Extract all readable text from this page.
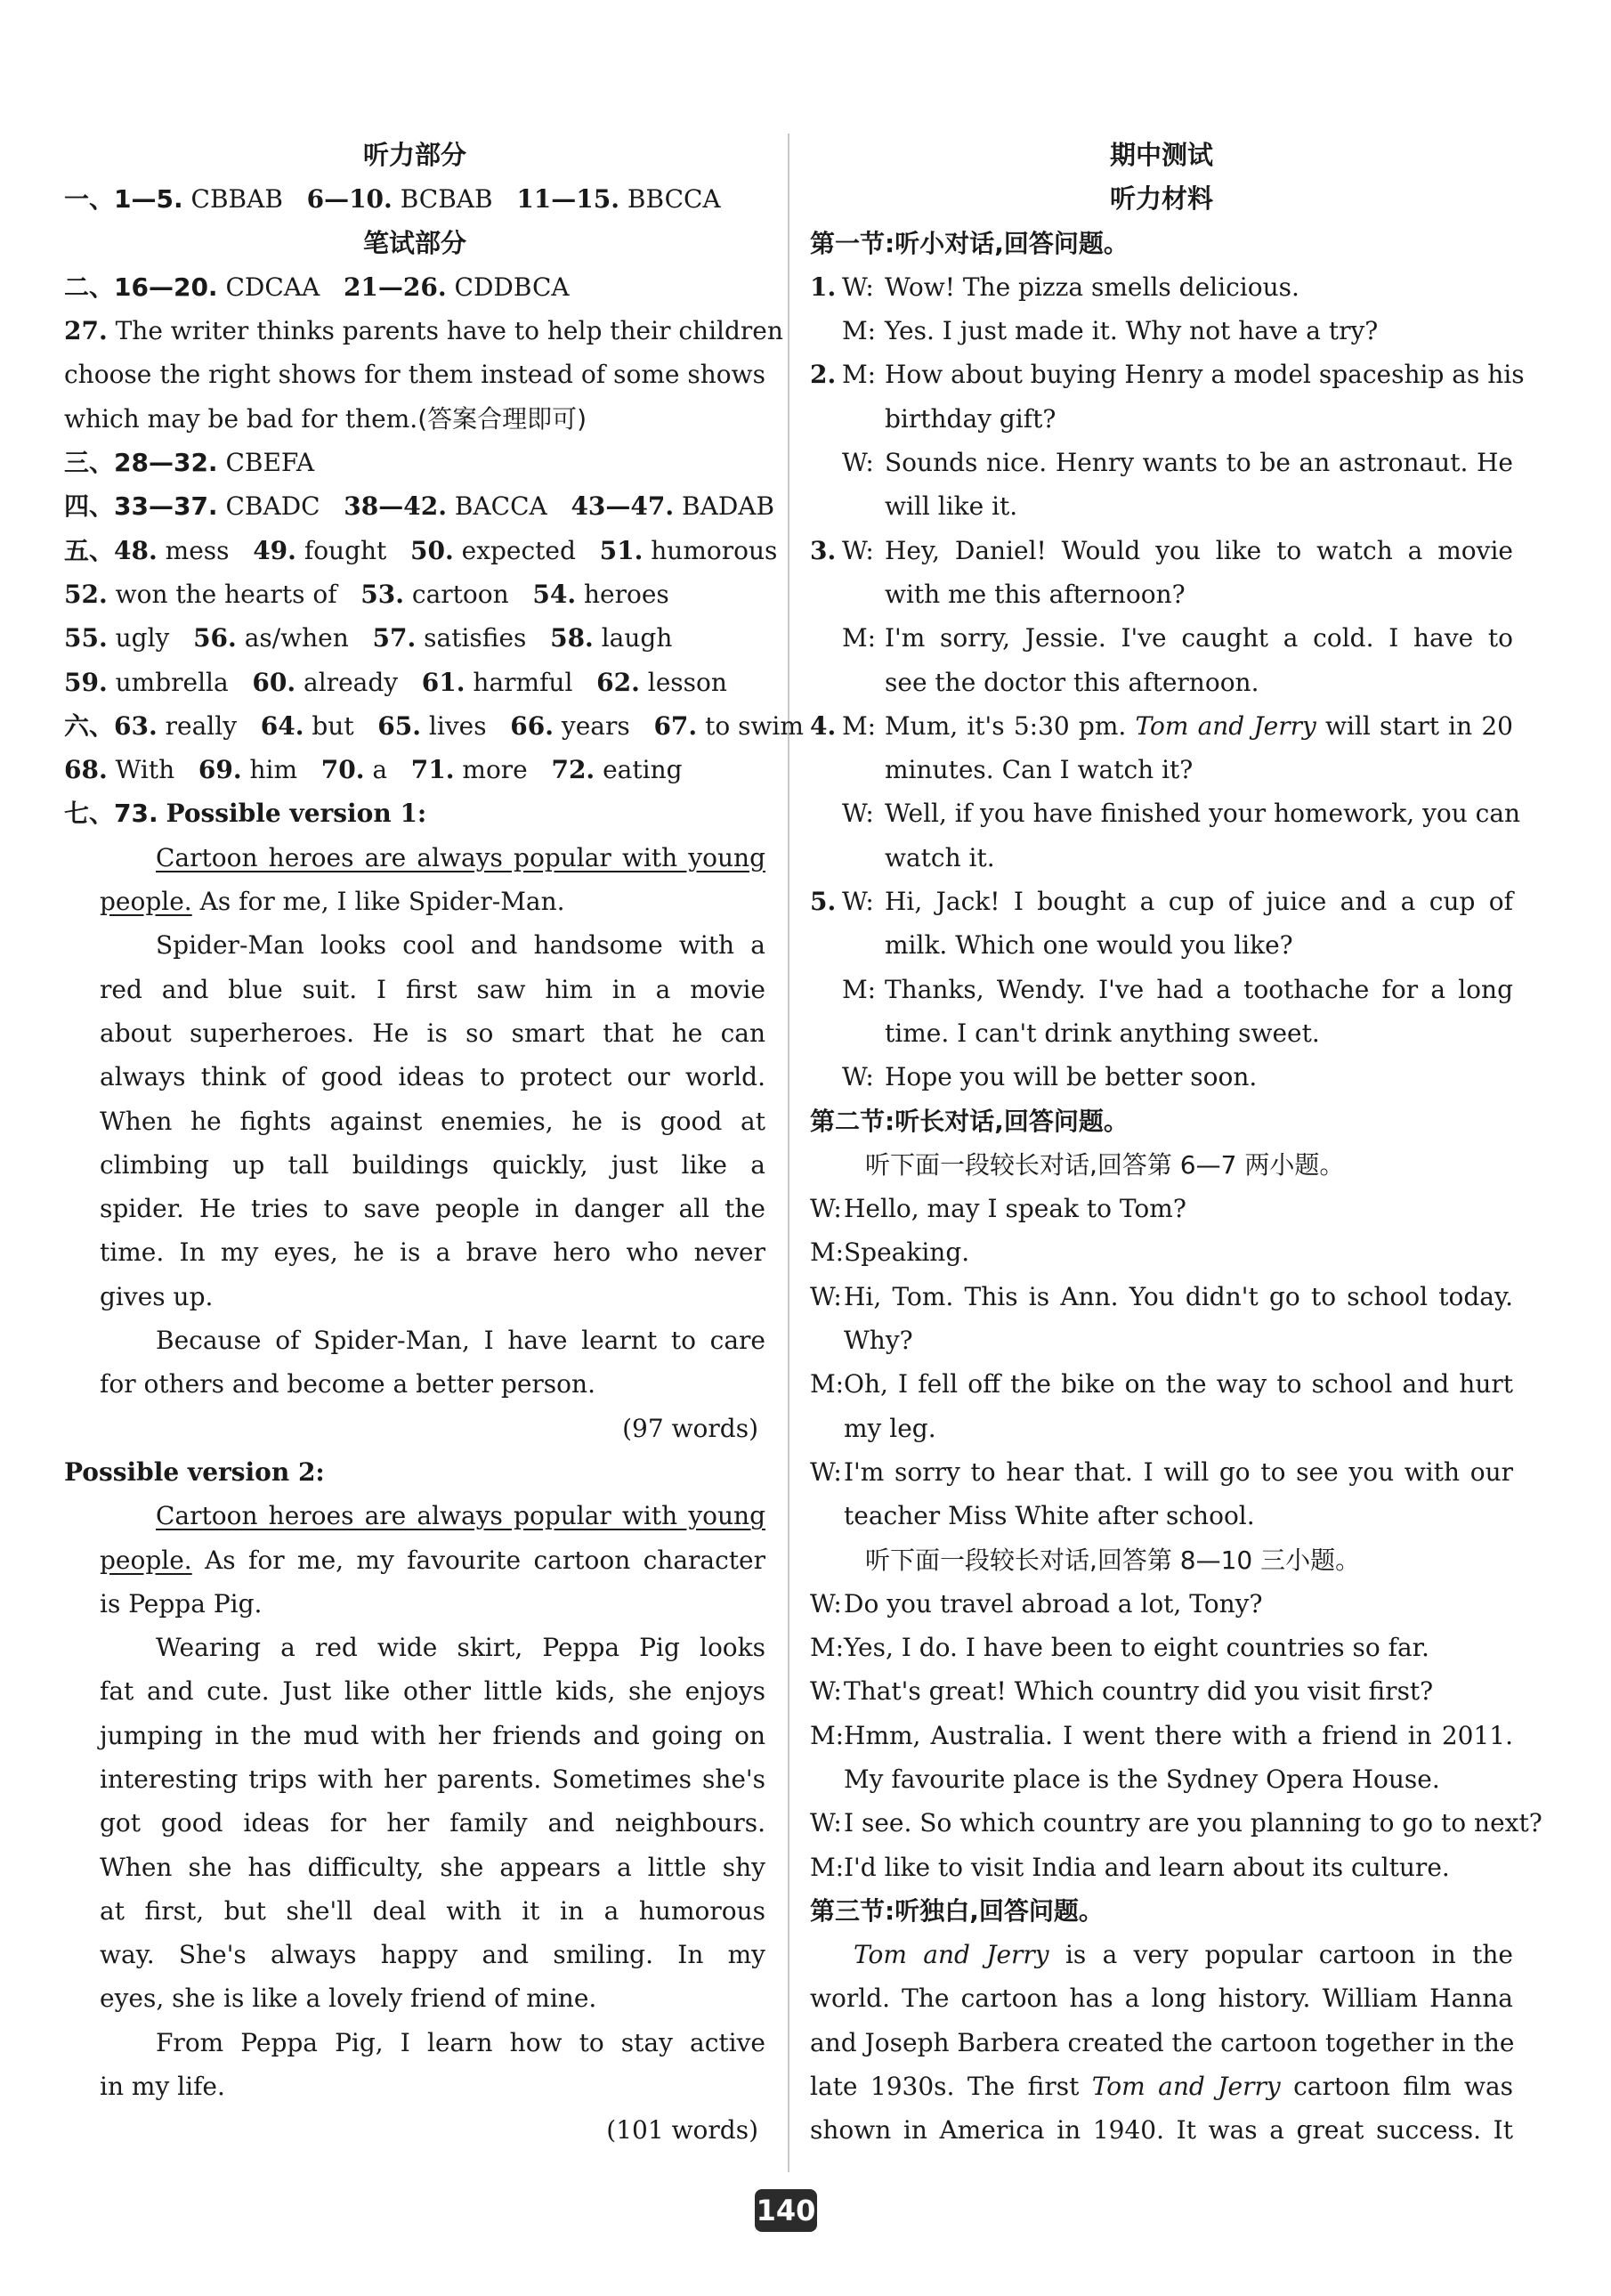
听力部分
一、1—5. CBBAB 6—10. BCBAB 11—15. BBCCA
笔试部分
二、16—20. CDCAA 21—26. CDDBCA
27. The writer thinks parents have to help their children
choose the right shows for them instead of some shows
which may be bad for them.(答案合理即可)
三、28—32. CBEFA
四、33—37. CBADC 38—42. BACCA 43—47. BADAB
五、48. mess 49. fought 50. expected 51. humorous
52. won the hearts of 53. cartoon 54. heroes
55. ugly 56. as/when 57. satisfies 58. laugh
59. umbrella 60. already 61. harmful 62. lesson
六、63. really 64. but 65. lives 66. years 67. to swim
68. With 69. him 70. a 71. more 72. eating
七、73. Possible version 1:
Cartoon heroes are always popular with young
people. As for me, I like Spider-Man.
Spider-Man looks cool and handsome with a
red and blue suit. I first saw him in a movie
about superheroes. He is so smart that he can
always think of good ideas to protect our world.
When he fights against enemies, he is good at
climbing up tall buildings quickly, just like a
spider. He tries to save people in danger all the
time. In my eyes, he is a brave hero who never
gives up.
Because of Spider-Man, I have learnt to care
for others and become a better person.
(97 words)
Possible version 2:
Cartoon heroes are always popular with young
people. As for me, my favourite cartoon character
is Peppa Pig.
Wearing a red wide skirt, Peppa Pig looks
fat and cute. Just like other little kids, she enjoys
jumping in the mud with her friends and going on
interesting trips with her parents. Sometimes she's
got good ideas for her family and neighbours.
When she has difficulty, she appears a little shy
at first, but she'll deal with it in a humorous
way. She's always happy and smiling. In my
eyes, she is like a lovely friend of mine.
From Peppa Pig, I learn how to stay active
in my life.
(101 words)
期中测试
听力材料
第一节:听小对话,回答问题。
1. W: Wow! The pizza smells delicious.
M: Yes. I just made it. Why not have a try?
2. M: How about buying Henry a model spaceship as his
birthday gift?
W: Sounds nice. Henry wants to be an astronaut. He
will like it.
3. W: Hey, Daniel! Would you like to watch a movie
with me this afternoon?
M: I'm sorry, Jessie. I've caught a cold. I have to
see the doctor this afternoon.
4. M: Mum, it's 5:30 pm. Tom and Jerry will start in 20
minutes. Can I watch it?
W: Well, if you have finished your homework, you can
watch it.
5. W: Hi, Jack! I bought a cup of juice and a cup of
milk. Which one would you like?
M: Thanks, Wendy. I've had a toothache for a long
time. I can't drink anything sweet.
W: Hope you will be better soon.
第二节:听长对话,回答问题。
听下面一段较长对话,回答第 6—7 两小题。
W: Hello, may I speak to Tom?
M: Speaking.
W: Hi, Tom. This is Ann. You didn't go to school today.
Why?
M: Oh, I fell off the bike on the way to school and hurt
my leg.
W: I'm sorry to hear that. I will go to see you with our
teacher Miss White after school.
听下面一段较长对话,回答第 8—10 三小题。
W: Do you travel abroad a lot, Tony?
M: Yes, I do. I have been to eight countries so far.
W: That's great! Which country did you visit first?
M: Hmm, Australia. I went there with a friend in 2011.
My favourite place is the Sydney Opera House.
W: I see. So which country are you planning to go to next?
M: I'd like to visit India and learn about its culture.
第三节:听独白,回答问题。
Tom and Jerry is a very popular cartoon in the
world. The cartoon has a long history. William Hanna
and Joseph Barbera created the cartoon together in the
late 1930s. The first Tom and Jerry cartoon film was
shown in America in 1940. It was a great success. It
140
